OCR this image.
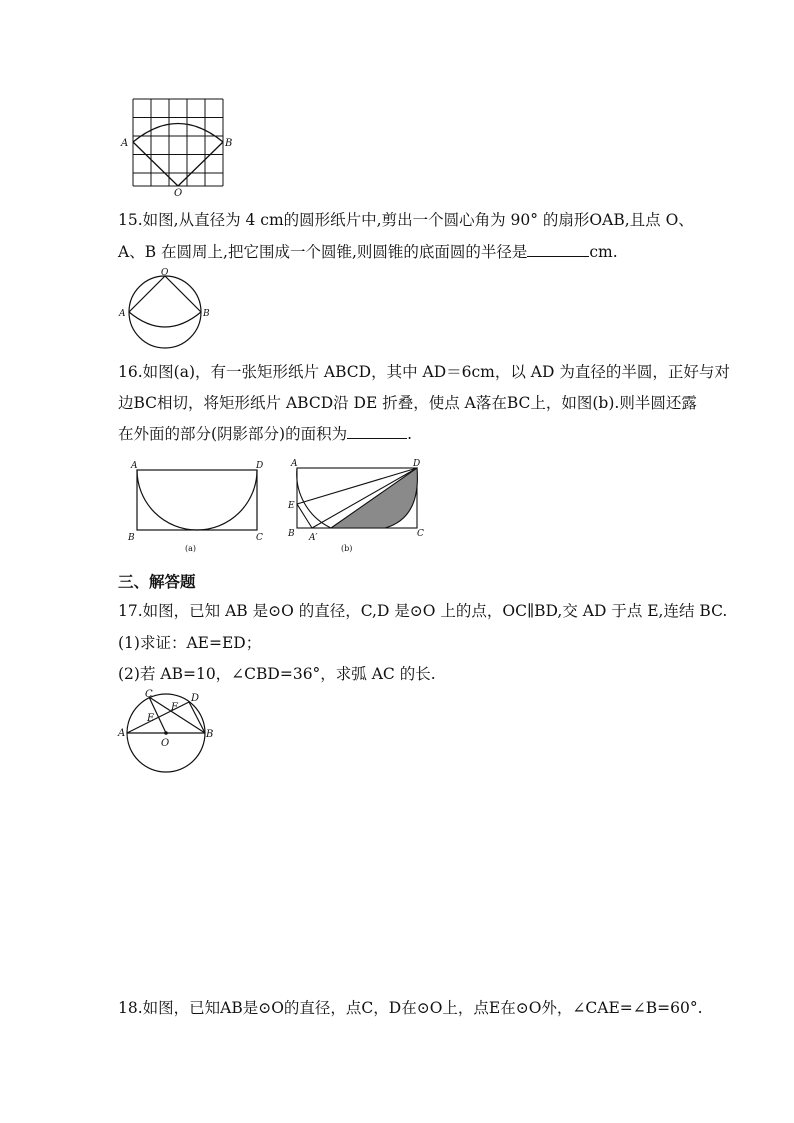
A	B
O
15.如图,从直径为 4 cm的圆形纸片中,剪出一个圆心角为 90° 的扇形OAB,且点 O、
A、B 在圆周上,把它围成一个圆锥,则圆锥的底面圆的半径是	cm.
O
A	B
16.如图(a)，有一张矩形纸片 ABCD，其中 AD＝6cm，以 AD 为直径的半圆，正好与对
边BC相切，将矩形纸片 ABCD沿 DE 折叠，使点 A落在BC上，如图(b).则半圆还露
在外面的部分(阴影部分)的面积为	.
A	D
B	C
(a)
A	D
E
B A′	C
(b)
三、解答题
17.如图，已知 AB 是⊙O 的直径，C,D 是⊙O 上的点，OC∥BD,交 AD 于点 E,连结 BC.
(1)求证：AE=ED；
(2)若 AB=10，∠CBD=36°，求弧 AC 的长.
C	D
E
F
A	B
O
18.如图，已知AB是⊙O的直径，点C，D在⊙O上，点E在⊙O外，∠CAE=∠B=60°.
